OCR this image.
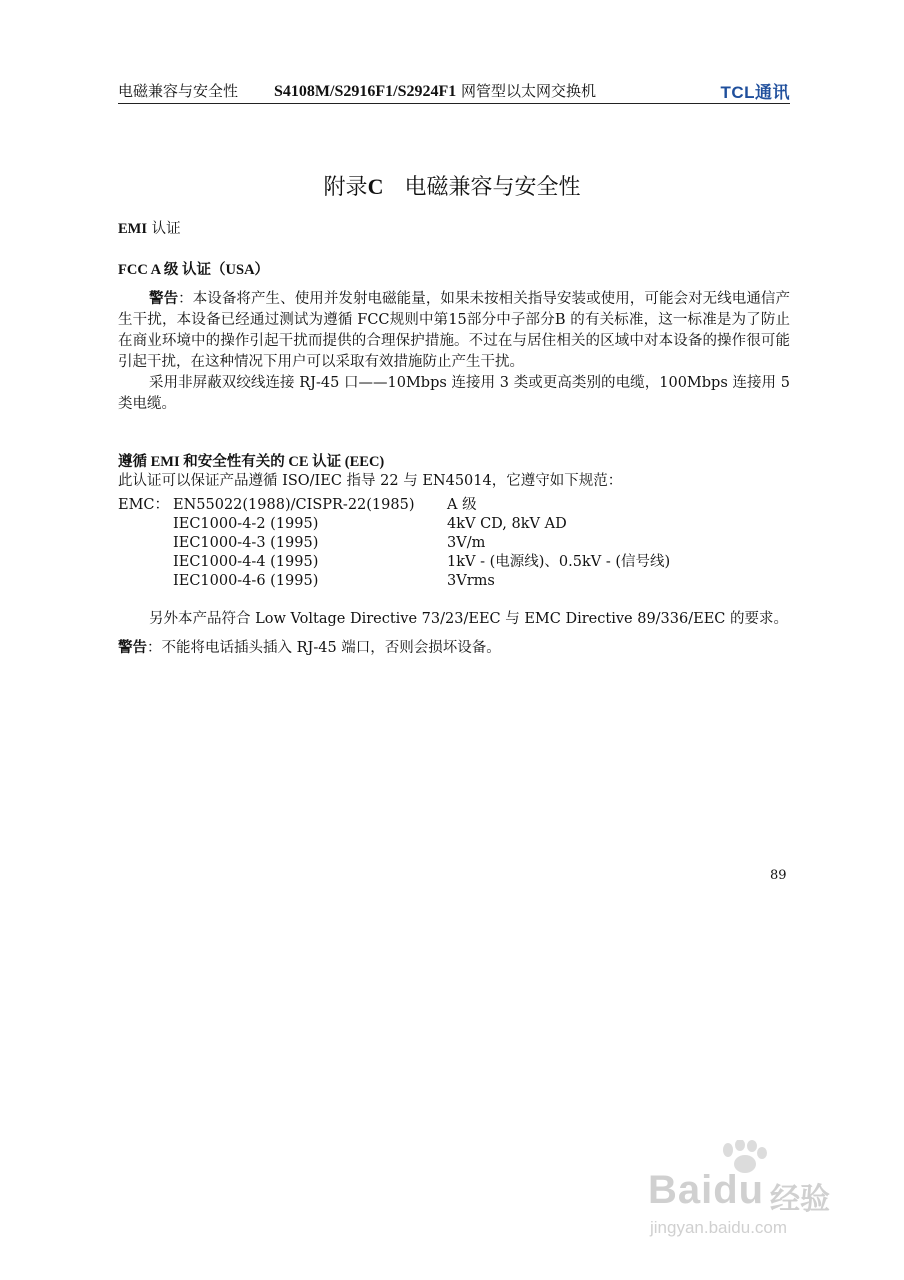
电磁兼容与安全性 S4108M/S2916F1/S2924F1 网管型以太网交换机	TCL通讯
附录C 电磁兼容与安全性
EMI 认证
FCC A 级 认证（USA）

警告：本设备将产生、使用并发射电磁能量，如果未按相关指导安装或使用，可能会对无线电通信产生干扰，本设备已经通过测试为遵循 FCC规则中第15部分中子部分B 的有关标准，这一标准是为了防止在商业环境中的操作引起干扰而提供的合理保护措施。不过在与居住相关的区域中对本设备的操作很可能引起干扰，在这种情况下用户可以采取有效措施防止产生干扰。

采用非屏蔽双绞线连接 RJ-45 口——10Mbps 连接用 3 类或更高类别的电缆，100Mbps 连接用 5 类电缆。

遵循 EMI 和安全性有关的 CE 认证 (EEC)
此认证可以保证产品遵循 ISO/IEC 指导 22 与 EN45014，它遵守如下规范：
EMC： EN55022(1988)/CISPR-22(1985) A 级
IEC1000-4-2 (1995)	4kV CD, 8kV AD
IEC1000-4-3 (1995)	3V/m
IEC1000-4-4 (1995)	1kV - (电源线)、0.5kV - (信号线)
IEC1000-4-6 (1995)	3Vrms

另外本产品符合 Low Voltage Directive 73/23/EEC 与 EMC Directive 89/336/EEC 的要求。

警告：不能将电话插头插入 RJ-45 端口，否则会损坏设备。
89
Baidu 经验
jingyan.baidu.com
